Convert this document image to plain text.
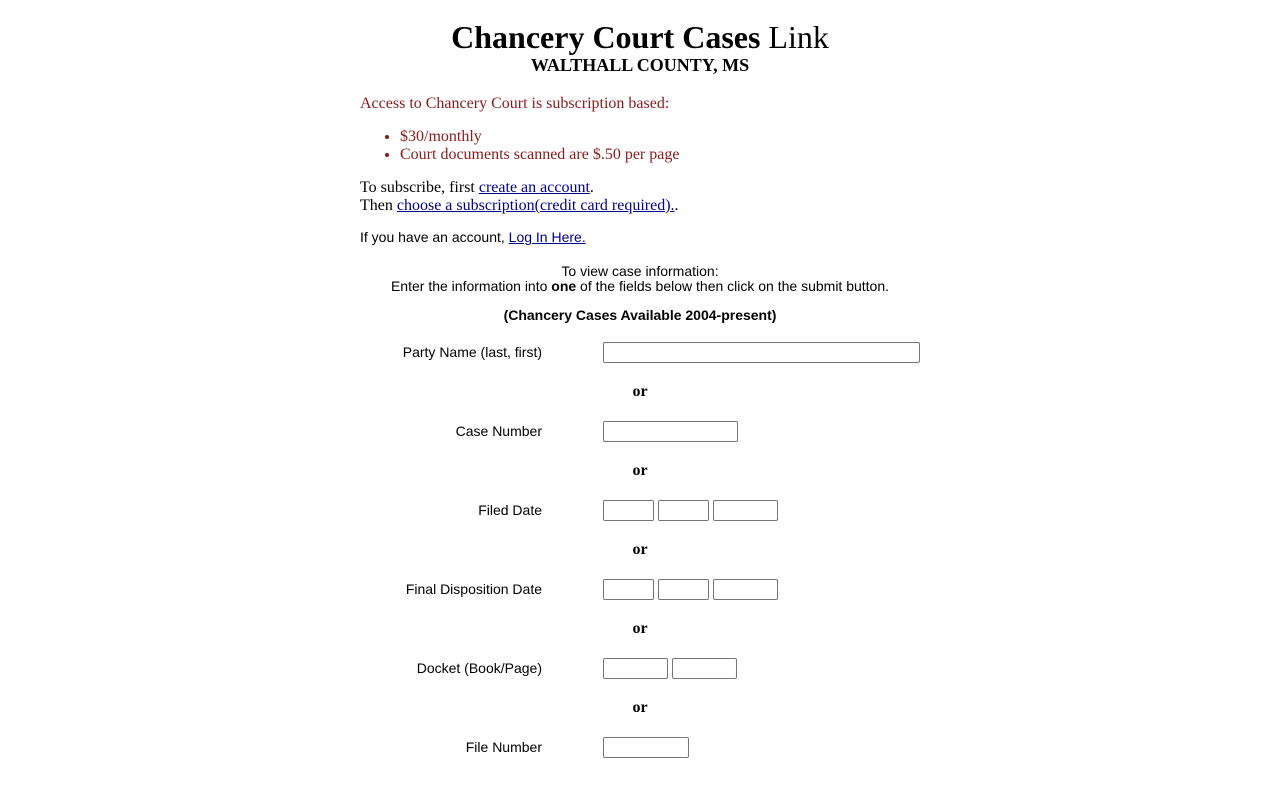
Chancery Court Cases Link

WALTHALL COUNTY, MS

Access to Chancery Court is subscription based:

• $30/monthly
• Court documents scanned are $.50 per page
To subscribe, first create an account.
Then choose a subscription(credit card required)..
If you have an account, Log In Here.
To view case information:
Enter the information into one of the fields below then click on the submit button.
(Chancery Cases Available 2004-present)
Party Name (last, first)
or
Case Number
or
Filed Date
or
Final Disposition Date
or
Docket (Book/Page)
or
File Number
